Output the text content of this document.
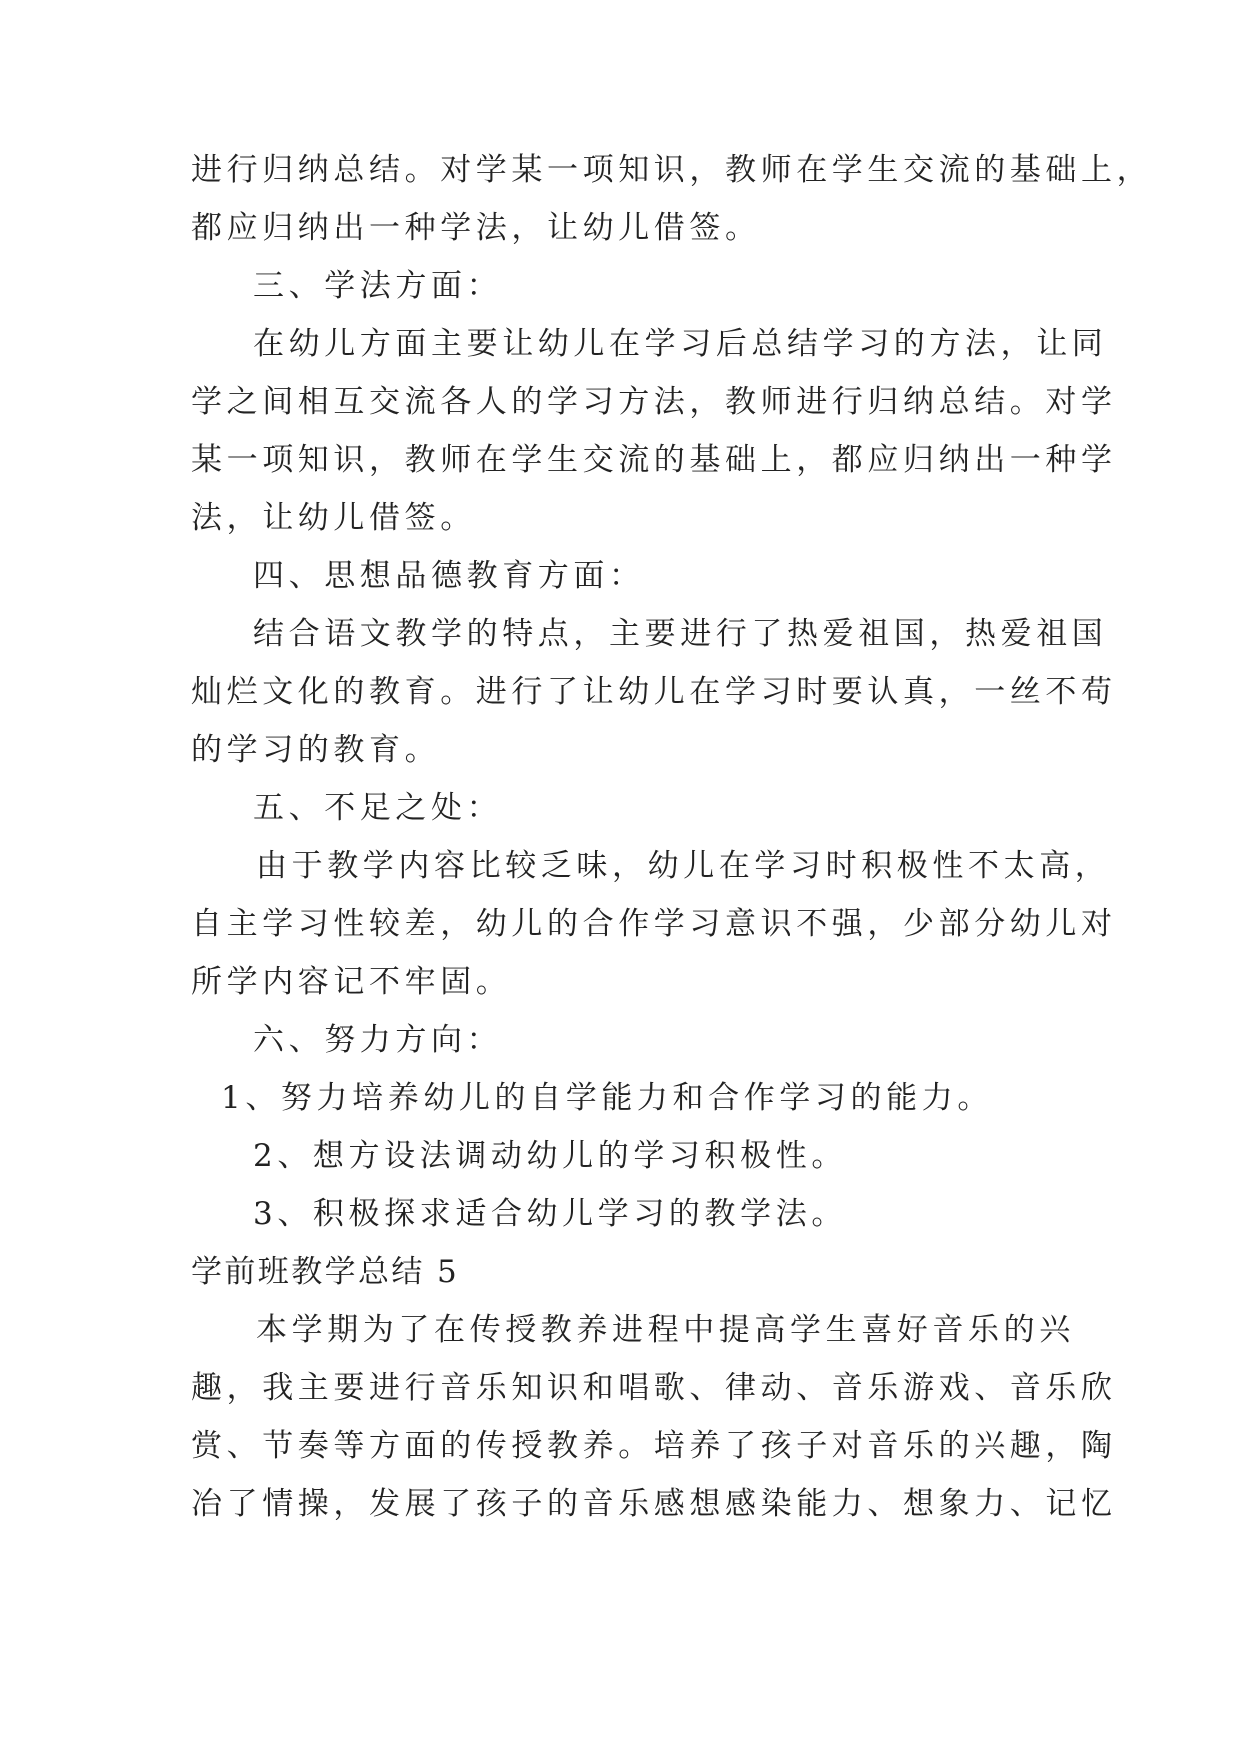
进行归纳总结。对学某一项知识，教师在学生交流的基础上，

都应归纳出一种学法，让幼儿借签。

三、学法方面：

在幼儿方面主要让幼儿在学习后总结学习的方法，让同

学之间相互交流各人的学习方法，教师进行归纳总结。对学

某一项知识，教师在学生交流的基础上，都应归纳出一种学

法，让幼儿借签。

四、思想品德教育方面：

结合语文教学的特点，主要进行了热爱祖国，热爱祖国

灿烂文化的教育。进行了让幼儿在学习时要认真，一丝不苟

的学习的教育。

五、不足之处：

由于教学内容比较乏味，幼儿在学习时积极性不太高，

自主学习性较差，幼儿的合作学习意识不强，少部分幼儿对

所学内容记不牢固。

六、努力方向：

1、努力培养幼儿的自学能力和合作学习的能力。

2、想方设法调动幼儿的学习积极性。

3、积极探求适合幼儿学习的教学法。

学前班教学总结 5

本学期为了在传授教养进程中提高学生喜好音乐的兴

趣，我主要进行音乐知识和唱歌、律动、音乐游戏、音乐欣

赏、节奏等方面的传授教养。培养了孩子对音乐的兴趣，陶

冶了情操，发展了孩子的音乐感想感染能力、想象力、记忆
